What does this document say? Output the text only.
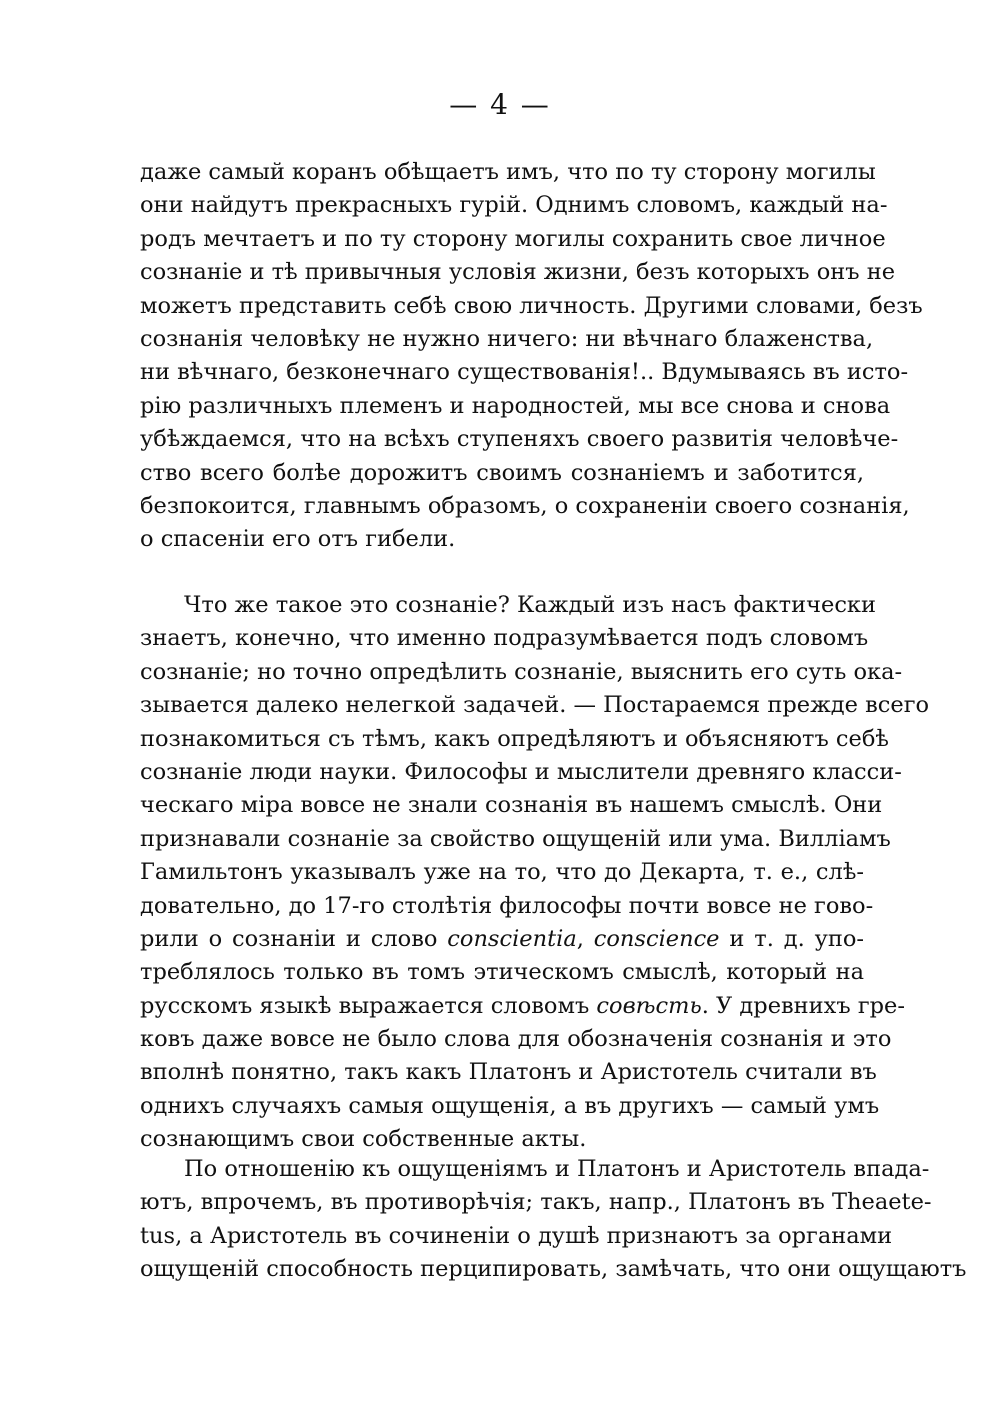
— 4 —
даже самый коранъ обѣщаетъ имъ, что по ту сторону могилы
они найдутъ прекрасныхъ гурій. Однимъ словомъ, каждый на-
родъ мечтаетъ и по ту сторону могилы сохранить свое личное
сознаніе и тѣ привычныя условія жизни, безъ которыхъ онъ не
можетъ представить себѣ свою личность. Другими словами, безъ
сознанія человѣку не нужно ничего: ни вѣчнаго блаженства,
ни вѣчнаго, безконечнаго существованія!.. Вдумываясь въ исто-
рію различныхъ племенъ и народностей, мы все снова и снова
убѣждаемся, что на всѣхъ ступеняхъ своего развитія человѣче-
ство всего болѣе дорожитъ своимъ сознаніемъ и заботится,
безпокоится, главнымъ образомъ, о сохраненіи своего сознанія,
о спасеніи его отъ гибели.
Что же такое это сознаніе? Каждый изъ насъ фактически
знаетъ, конечно, что именно подразумѣвается подъ словомъ
сознаніе; но точно опредѣлить сознаніе, выяснить его суть ока-
зывается далеко нелегкой задачей. — Постараемся прежде всего
познакомиться съ тѣмъ, какъ опредѣляютъ и объясняютъ себѣ
сознаніе люди науки. Философы и мыслители древняго класси-
ческаго міра вовсе не знали сознанія въ нашемъ смыслѣ. Они
признавали сознаніе за свойство ощущеній или ума. Вилліамъ
Гамильтонъ указывалъ уже на то, что до Декарта, т. е., слѣ-
довательно, до 17-го столѣтія философы почти вовсе не гово-
рили о сознаніи и слово conscientia, conscience и т. д. упо-
треблялось только въ томъ этическомъ смыслѣ, который на
русскомъ языкѣ выражается словомъ совѣсть. У древнихъ гре-
ковъ даже вовсе не было слова для обозначенія сознанія и это
вполнѣ понятно, такъ какъ Платонъ и Аристотель считали въ
однихъ случаяхъ самыя ощущенія, а въ другихъ — самый умъ
сознающимъ свои собственные акты.
По отношенію къ ощущеніямъ и Платонъ и Аристотель впада-
ютъ, впрочемъ, въ противорѣчія; такъ, напр., Платонъ въ Theaete-
tus, а Аристотель въ сочиненіи о душѣ признаютъ за органами
ощущеній способность перципировать, замѣчать, что они ощущаютъ
